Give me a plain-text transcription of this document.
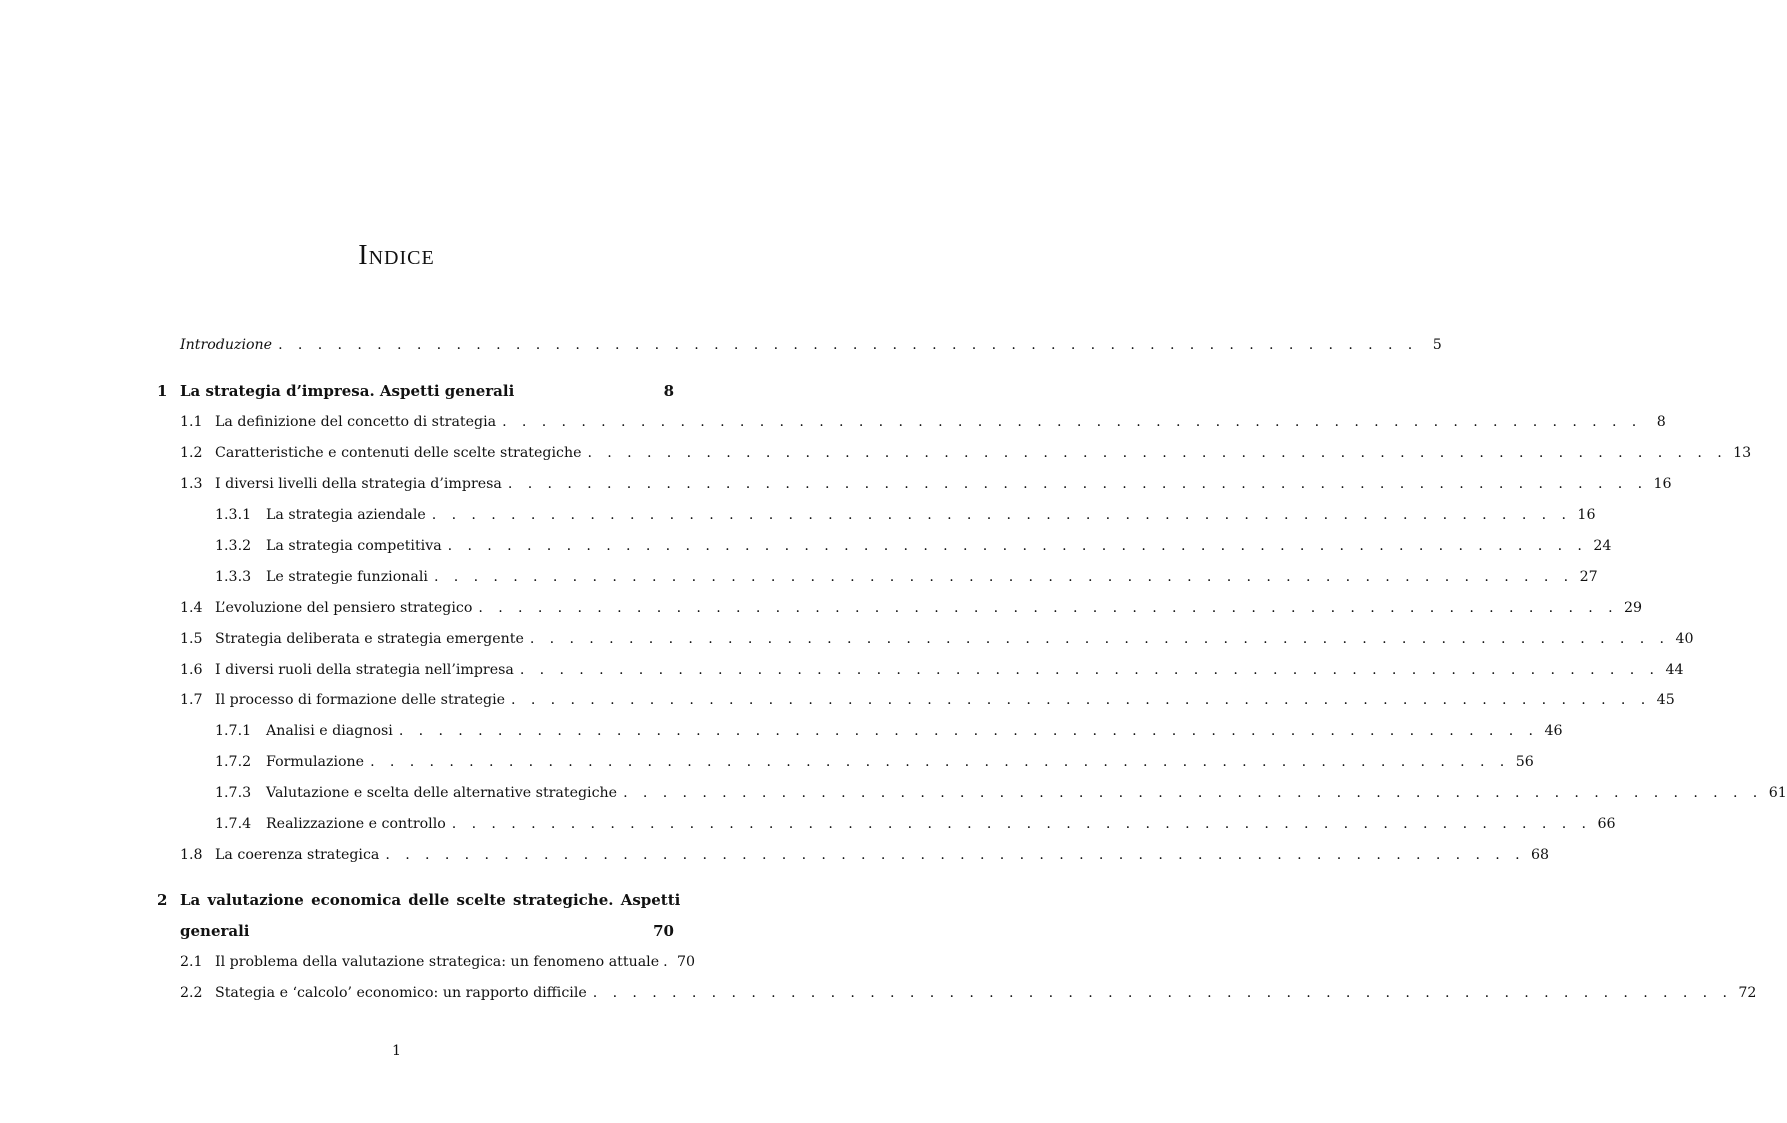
Indice
Introduzione . . . . . . . . . . . . . . . . . . . . . . . . . . . . . . . . . . . . . . . . . . . . . . . . . . . . . . . . . .	5
1 La strategia d’impresa. Aspetti generali	8
1.1 La definizione del concetto di strategia . . . . . . . . . . . . . . . . . . . . . . . . . . . . . . . . . . . . . . . . . . . . . . . . . . . . . . . . . .	8
1.2 Caratteristiche e contenuti delle scelte strategiche . . . . . . . . . . . . . . . . . . . . . . . . . . . . . . . . . . . . . . . . . . . . . . . . . . . . . . . . . . 13
1.3 I diversi livelli della strategia d’impresa . . . . . . . . . . . . . . . . . . . . . . . . . . . . . . . . . . . . . . . . . . . . . . . . . . . . . . . . . . 16
1.3.1 La strategia aziendale . . . . . . . . . . . . . . . . . . . . . . . . . . . . . . . . . . . . . . . . . . . . . . . . . . . . . . . . . . 16
1.3.2 La strategia competitiva . . . . . . . . . . . . . . . . . . . . . . . . . . . . . . . . . . . . . . . . . . . . . . . . . . . . . . . . . . 24
1.3.3 Le strategie funzionali . . . . . . . . . . . . . . . . . . . . . . . . . . . . . . . . . . . . . . . . . . . . . . . . . . . . . . . . . . 27
1.4 L’evoluzione del pensiero strategico . . . . . . . . . . . . . . . . . . . . . . . . . . . . . . . . . . . . . . . . . . . . . . . . . . . . . . . . . . 29
1.5 Strategia deliberata e strategia emergente . . . . . . . . . . . . . . . . . . . . . . . . . . . . . . . . . . . . . . . . . . . . . . . . . . . . . . . . . . 40
1.6 I diversi ruoli della strategia nell’impresa . . . . . . . . . . . . . . . . . . . . . . . . . . . . . . . . . . . . . . . . . . . . . . . . . . . . . . . . . . 44
1.7 Il processo di formazione delle strategie . . . . . . . . . . . . . . . . . . . . . . . . . . . . . . . . . . . . . . . . . . . . . . . . . . . . . . . . . . 45
1.7.1 Analisi e diagnosi . . . . . . . . . . . . . . . . . . . . . . . . . . . . . . . . . . . . . . . . . . . . . . . . . . . . . . . . . . 46
1.7.2 Formulazione . . . . . . . . . . . . . . . . . . . . . . . . . . . . . . . . . . . . . . . . . . . . . . . . . . . . . . . . . . 56
1.7.3 Valutazione e scelta delle alternative strategiche . . . . . . . . . . . . . . . . . . . . . . . . . . . . . . . . . . . . . . . . . . . . . . . . . . . . . . . . . . 61
1.7.4 Realizzazione e controllo . . . . . . . . . . . . . . . . . . . . . . . . . . . . . . . . . . . . . . . . . . . . . . . . . . . . . . . . . . 66
1.8 La coerenza strategica . . . . . . . . . . . . . . . . . . . . . . . . . . . . . . . . . . . . . . . . . . . . . . . . . . . . . . . . . . 68
2 La valutazione economica delle scelte strategiche. Aspetti
generali	70
2.1 Il problema della valutazione strategica: un fenomeno attuale . 70
2.2 Stategia e ‘calcolo’ economico: un rapporto difficile . . . . . . . . . . . . . . . . . . . . . . . . . . . . . . . . . . . . . . . . . . . . . . . . . . . . . . . . . . 72
1
